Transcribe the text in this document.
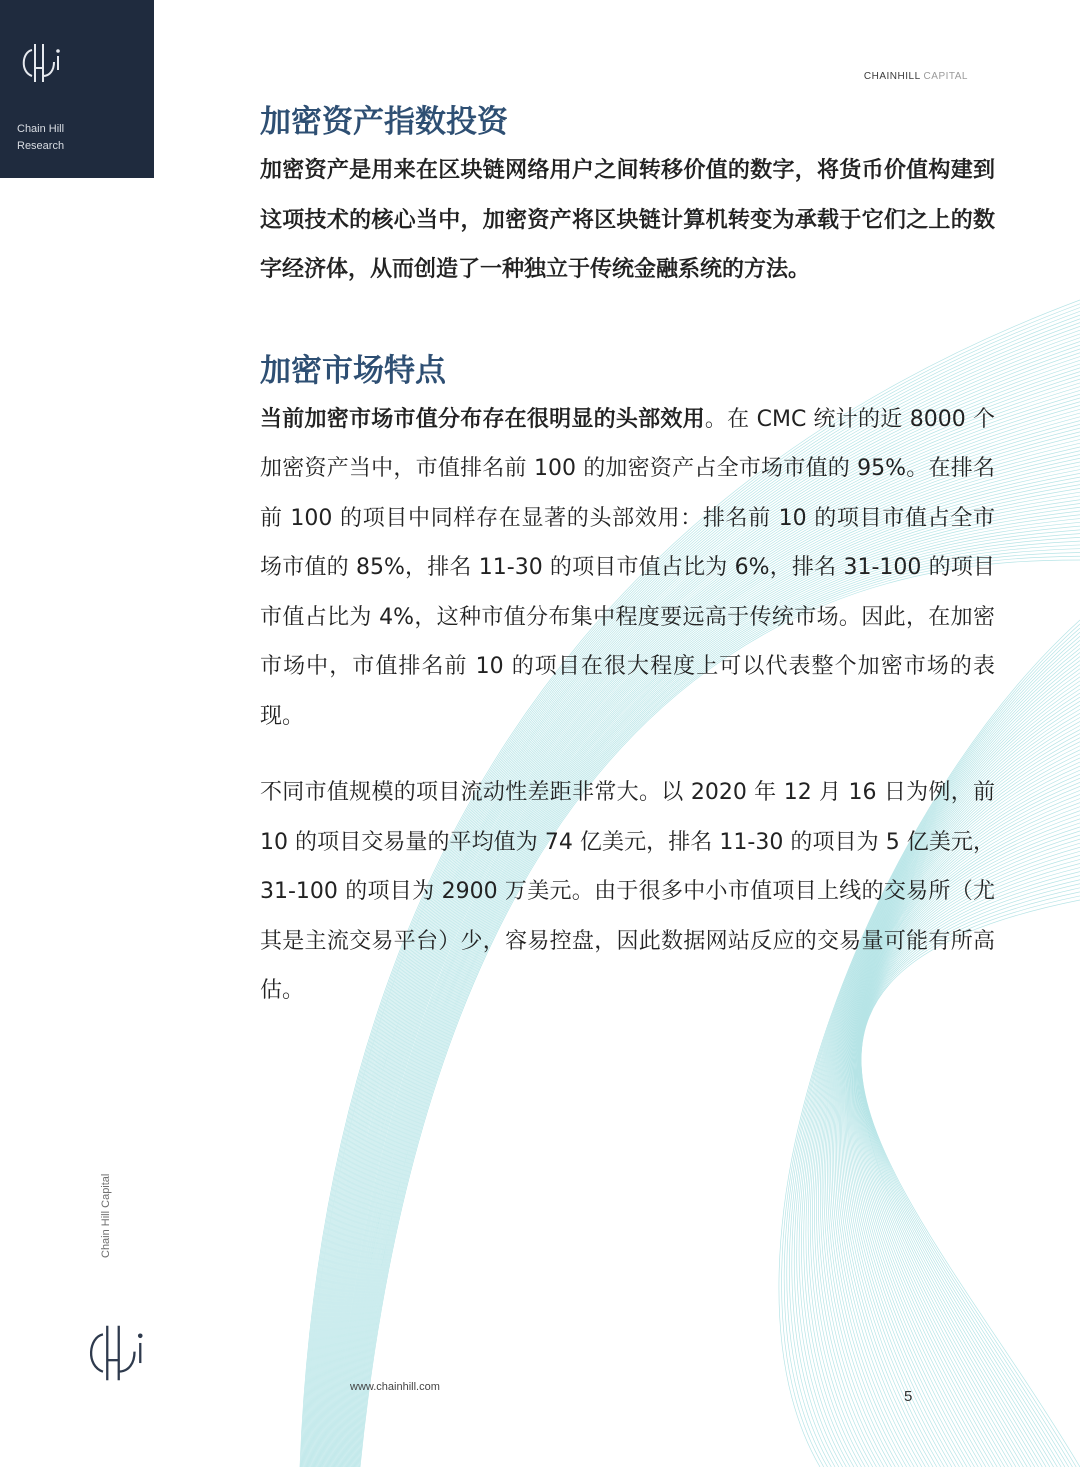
Chain Hill
Research
CHAINHILL CAPITAL
加密资产指数投资

加密资产是用来在区块链网络用户之间转移价值的数字，将货币价值构建到这项技术的核心当中，加密资产将区块链计算机转变为承载于它们之上的数字经济体，从而创造了一种独立于传统金融系统的方法。

加密市场特点

当前加密市场市值分布存在很明显的头部效用。在 CMC 统计的近 8000 个加密资产当中，市值排名前 100 的加密资产占全市场市值的 95%。在排名前 100 的项目中同样存在显著的头部效用：排名前 10 的项目市值占全市场市值的 85%，排名 11-30 的项目市值占比为 6%，排名 31-100 的项目市值占比为 4%，这种市值分布集中程度要远高于传统市场。因此，在加密市场中，市值排名前 10 的项目在很大程度上可以代表整个加密市场的表现。

不同市值规模的项目流动性差距非常大。以 2020 年 12 月 16 日为例，前 10 的项目交易量的平均值为 74 亿美元，排名 11-30 的项目为 5 亿美元，31-100 的项目为 2900 万美元。由于很多中小市值项目上线的交易所（尤其是主流交易平台）少，容易控盘，因此数据网站反应的交易量可能有所高估。

Chain Hill Capital
www.chainhill.com
5
